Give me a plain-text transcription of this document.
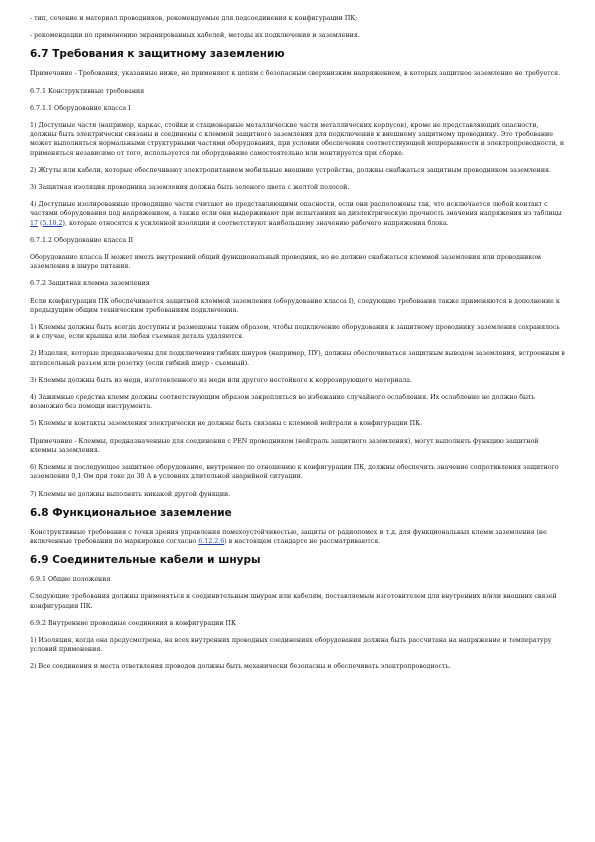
- тип, сечение и материал проводников, рекомендуемые для подсоединения к конфигурации ПК;

- рекомендации по применению экранированных кабелей, методы их подключения и заземления.

6.7 Требования к защитному заземлению

Примечание - Требования, указанные ниже, не применяют к цепям с безопасным сверхнизким напряжением, в которых защитное заземление не требуется.

6.7.1 Конструктивные требования

6.7.1.1 Оборудование класса I

1) Доступные части (например, каркас, стойки и стационарные металлические части металлических корпусов), кроме не представляющих опасности, должны быть электрически связаны и соединены с клеммой защитного заземления для подключения к внешнему защитному проводнику. Это требование может выполняться нормальными структурными частями оборудования, при условии обеспечения соответствующей непрерывности и электропроводности, и применяться независимо от того, используется ли оборудование самостоятельно или монтируется при сборке.

2) Жгуты или кабели, которые обеспечивают электропитанием мобильные внешние устройства, должны снабжаться защитным проводником заземления.

3) Защитная изоляция проводника заземления должна быть зеленого цвета с желтой полосой.

4) Доступные изолированные проводящие части считают не представляющими опасности, если они расположены так, что исключается любой контакт с частями оборудования под напряжением, а также если они выдерживают при испытаниях на диэлектрическую прочность значения напряжения из таблицы 17 (5.10.2), которые относятся к усиленной изоляции и соответствуют наибольшему значению рабочего напряжения блока.

6.7.1.2 Оборудование класса II

Оборудование класса II может иметь внутренний общий функциональный проводник, но не должно снабжаться клеммой заземления или проводником заземления в шнуре питания.

6.7.2 Защитная клемма заземления

Если конфигурация ПК обеспечивается защитной клеммой заземления (оборудование класса I), следующие требования также применяются в дополнение к предыдущим общим техническим требованиям подключения.

1) Клеммы должны быть всегда доступны и размещены таким образом, чтобы подключение оборудования к защитному проводнику заземления сохранялось и в случае, если крышка или любая съемная деталь удаляются.

2) Изделия, которые предназначены для подключения гибких шнуров (например, ПУ), должны обеспечиваться защитным выводом заземления, встроенным в штепсельный разъем или розетку (если гибкий шнур - съемный).

3) Клеммы должны быть из меди, изготовленного из меди или другого нестойкого к коррозирующего материала.

4) Зажимные средства клемм должны соответствующим образом закрепляться во избежание случайного ослабления. Их ослабление не должно быть возможно без помощи инструмента.

5) Клеммы и контакты заземления электрически не должны быть связаны с клеммой нейтрали в конфигурации ПК.

Примечание - Клеммы, предназначенные для соединения с PEN проводником (нейтраль защитного заземления), могут выполнять функцию защитной клеммы заземления.

6) Клеммы и последующее защитное оборудование, внутреннее по отношению к конфигурации ПК, должны обеспечить значение сопротивления защитного заземления 0,1 Ом при токе до 30 А в условиях длительной аварийной ситуации.

7) Клеммы не должны выполнять никакой другой функции.

6.8 Функциональное заземление

Конструктивные требования с точки зрения управления помехоустойчивостью, защиты от радиопомех и т.д. для функциональных клемм заземления (не включенные требования по маркировке согласно 6.12.2.6) в настоящем стандарте не рассматриваются.

6.9 Соединительные кабели и шнуры

6.9.1 Общие положения

Следующие требования должны применяться к соединительным шнурам или кабелям, поставляемым изготовителем для внутренних и/или внешних связей конфигурации ПК.

6.9.2 Внутренние проводные соединения в конфигурации ПК

1) Изоляция, когда она предусмотрена, на всех внутренних проводных соединениях оборудования должна быть рассчитана на напряжение и температуру условий применения.

2) Все соединения и места ответвления проводов должны быть механически безопасны и обеспечивать электропроводность.
